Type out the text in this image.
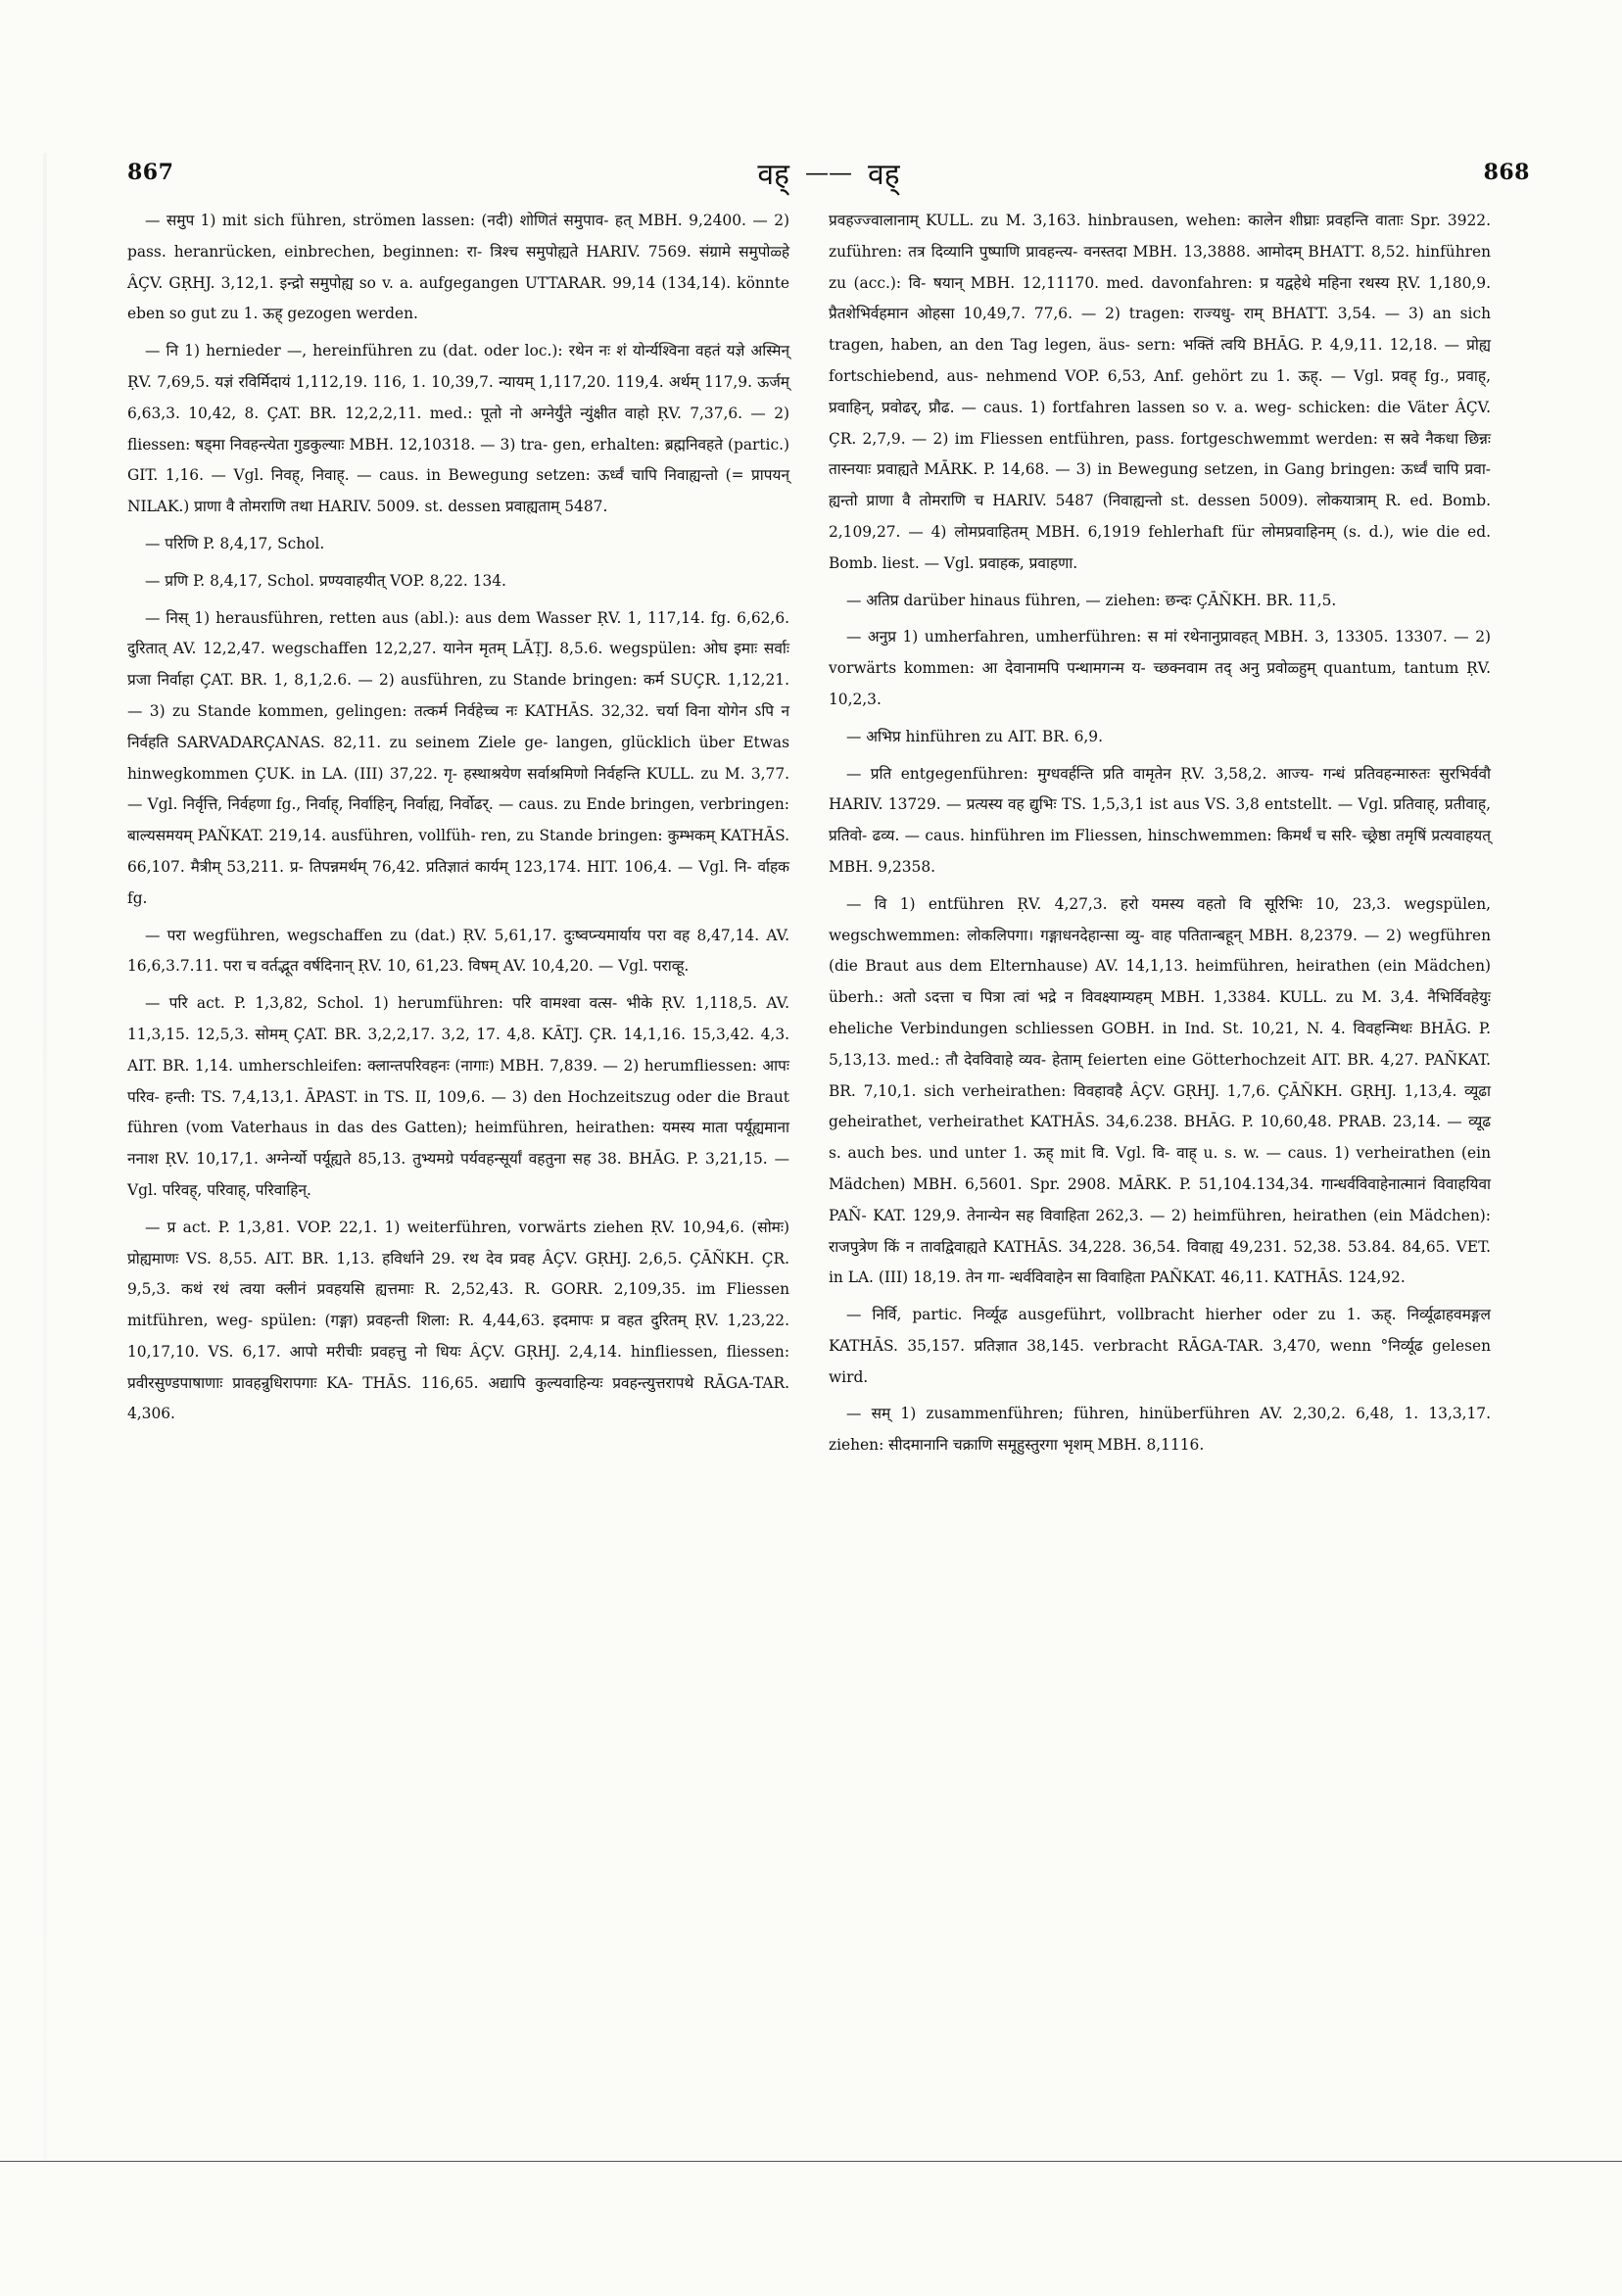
867	वह् —— वह्	868

— समुप 1) mit sich führen, strömen lassen: (नदी) शोणितं समुपाव- हत् MBH. 9,2400. — 2) pass. heranrücken, einbrechen, beginnen: रा- त्रिश्च समुपोह्यते HARIV. 7569. संग्रामे समुपोळ्हे ÂÇV. GṚHJ. 3,12,1. इन्द्रो समुपोह्य so v. a. aufgegangen UTTARAR. 99,14 (134,14). könnte eben so gut zu 1. ऊह् gezogen werden.

— नि 1) hernieder —, hereinführen zu (dat. oder loc.): रथेन नः शं योर्न्यश्विना वहतं यज्ञे अस्मिन् ṚV. 7,69,5. यज्ञं रविर्मिदायं 1,112,19. 116, 1. 10,39,7. न्यायम् 1,117,20. 119,4. अर्थम् 117,9. ऊर्जम् 6,63,3. 10,42, 8. ÇAT. BR. 12,2,2,11. med.: पूतो नो अग्नेर्युंते न्युंक्षीत वाहो ṚV. 7,37,6. — 2) fliessen: षड्मा निवहन्त्येता गुडकुल्याः MBH. 12,10318. — 3) tra- gen, erhalten: ब्रह्मनिवहते (partic.) GIT. 1,16. — Vgl. निवह्, निवाह्. — caus. in Bewegung setzen: ऊर्ध्वं चापि निवाह्यन्तो (= प्रापयन् NILAK.) प्राणा वै तोमराणि तथा HARIV. 5009. st. dessen प्रवाह्यताम् 5487.

— परिणि P. 8,4,17, Schol.

— प्रणि P. 8,4,17, Schol. प्रण्यवाहयीत् VOP. 8,22. 134.

— निस् 1) herausführen, retten aus (abl.): aus dem Wasser ṚV. 1, 117,14. fg. 6,62,6. दुरितात् AV. 12,2,47. wegschaffen 12,2,27. यानेन मृतम् LĀṬJ. 8,5.6. wegspülen: ओघ इमाः सर्वाः प्रजा निर्वाहा ÇAT. BR. 1, 8,1,2.6. — 2) ausführen, zu Stande bringen: कर्म SUÇR. 1,12,21. — 3) zu Stande kommen, gelingen: तत्कर्म निर्वहेच्च नः KATHĀS. 32,32. चर्या विना योगेन ऽपि न निर्वहति SARVADARÇANAS. 82,11. zu seinem Ziele ge- langen, glücklich über Etwas hinwegkommen ÇUK. in LA. (III) 37,22. गृ- हस्थाश्रयेण सर्वाश्रमिणो निर्वहन्ति KULL. zu M. 3,77. — Vgl. निर्वृत्ति, निर्वहणा fg., निर्वाह्, निर्वाहिन्, निर्वाह्य, निर्वोढर्. — caus. zu Ende bringen, verbringen: बाल्यसमयम् PAÑKAT. 219,14. ausführen, vollfüh- ren, zu Stande bringen: कुम्भकम् KATHĀS. 66,107. मैत्रीम् 53,211. प्र- तिपन्नमर्थम् 76,42. प्रतिज्ञातं कार्यम् 123,174. HIT. 106,4. — Vgl. नि- र्वाहक fg.

— परा wegführen, wegschaffen zu (dat.) ṚV. 5,61,17. दुःष्वप्न्यमार्याय परा वह 8,47,14. AV. 16,6,3.7.11. परा च वर्तद्भूत वर्षदिनान् ṚV. 10, 61,23. विषम् AV. 10,4,20. — Vgl. पराव्हू.

— परि act. P. 1,3,82, Schol. 1) herumführen: परि वामश्वा वत्स- भीके ṚV. 1,118,5. AV. 11,3,15. 12,5,3. सोमम् ÇAT. BR. 3,2,2,17. 3,2, 17. 4,8. KĀTJ. ÇR. 14,1,16. 15,3,42. 4,3. AIT. BR. 1,14. umherschleifen: क्लान्तपरिवहनः (नागाः) MBH. 7,839. — 2) herumfliessen: आपः परिव- हन्ती: TS. 7,4,13,1. ĀPAST. in TS. II, 109,6. — 3) den Hochzeitszug oder die Braut führen (vom Vaterhaus in das des Gatten); heimführen, heirathen: यमस्य माता पर्यूह्यमाना ननाश ṚV. 10,17,1. अग्नेर्न्यो पर्यूह्यते 85,13. तुभ्यमग्रे पर्यवहन्सूर्यां वहतुना सह 38. BHĀG. P. 3,21,15. — Vgl. परिवह्, परिवाह्, परिवाहिन्.

— प्र act. P. 1,3,81. VOP. 22,1. 1) weiterführen, vorwärts ziehen ṚV. 10,94,6. (सोमः) प्रोह्यमाणः VS. 8,55. AIT. BR. 1,13. हविर्धाने 29. रथ देव प्रवह ÂÇV. GṚHJ. 2,6,5. ÇĀÑKH. ÇR. 9,5,3. कथं रथं त्वया क्लीनं प्रवहयसि ह्यत्तमाः R. 2,52,43. R. GORR. 2,109,35. im Fliessen mitführen, weg- spülen: (गङ्गा) प्रवहन्ती शिला: R. 4,44,63. इदमापः प्र वहत दुरितम् ṚV. 1,23,22. 10,17,10. VS. 6,17. आपो मरीचीः प्रवहत्तु नो धियः ÂÇV. GṚHJ. 2,4,14. hinfliessen, fliessen: प्रवीरसुण्डपाषाणाः प्रावहन्रुधिरापगाः KA- THĀS. 116,65. अद्यापि कुल्यवाहिन्यः प्रवहन्त्युत्तरापथे RĀGA-TAR. 4,306.

प्रवहज्ज्वालानाम् KULL. zu M. 3,163. hinbrausen, wehen: कालेन शीघ्राः प्रवहन्ति वाताः Spr. 3922. zuführen: तत्र दिव्यानि पुष्पाणि प्रावहन्त्य- वनस्तदा MBH. 13,3888. आमोदम् BHATT. 8,52. hinführen zu (acc.): वि- षयान् MBH. 12,11170. med. davonfahren: प्र यद्वहेथे महिना रथस्य ṚV. 1,180,9. प्रैतशेभिर्वहमान ओहसा 10,49,7. 77,6. — 2) tragen: राज्यधु- राम् BHATT. 3,54. — 3) an sich tragen, haben, an den Tag legen, äus- sern: भक्तिं त्वयि BHĀG. P. 4,9,11. 12,18. — प्रोह्य fortschiebend, aus- nehmend VOP. 6,53, Anf. gehört zu 1. ऊह्. — Vgl. प्रवह् fg., प्रवाह्, प्रवाहिन्, प्रवोढर्, प्रौढ. — caus. 1) fortfahren lassen so v. a. weg- schicken: die Väter ÂÇV. ÇR. 2,7,9. — 2) im Fliessen entführen, pass. fortgeschwemmt werden: स स्रवे नैकधा छिन्नः तास्नयाः प्रवाह्यते MĀRK. P. 14,68. — 3) in Bewegung setzen, in Gang bringen: ऊर्ध्वं चापि प्रवा- ह्यन्तो प्राणा वै तोमराणि च HARIV. 5487 (निवाह्यन्तो st. dessen 5009). लोकयात्राम् R. ed. Bomb. 2,109,27. — 4) लोमप्रवाहितम् MBH. 6,1919 fehlerhaft für लोमप्रवाहिनम् (s. d.), wie die ed. Bomb. liest. — Vgl. प्रवाहक, प्रवाहणा.

— अतिप्र darüber hinaus führen, — ziehen: छन्दः ÇĀÑKH. BR. 11,5.

— अनुप्र 1) umherfahren, umherführen: स मां रथेनानुप्रावहत् MBH. 3, 13305. 13307. — 2) vorwärts kommen: आ देवानामपि पन्थामगन्म य- च्छक्नवाम तद् अनु प्रवोळ्हुम् quantum, tantum ṚV. 10,2,3.

— अभिप्र hinführen zu AIT. BR. 6,9.

— प्रति entgegenführen: मुग्धवर्हन्ति प्रति वामृतेन ṚV. 3,58,2. आज्य- गन्धं प्रतिवहन्मारुतः सुरभिर्ववौ HARIV. 13729. — प्रत्यस्य वह द्युभिः TS. 1,5,3,1 ist aus VS. 3,8 entstellt. — Vgl. प्रतिवाह्, प्रतीवाह्, प्रतिवो- ढव्य. — caus. hinführen im Fliessen, hinschwemmen: किमर्थं च सरि- च्छ्रेष्ठा तमृषिं प्रत्यवाहयत् MBH. 9,2358.

— वि 1) entführen ṚV. 4,27,3. हरो यमस्य वहतो वि सूरिभिः 10, 23,3. wegspülen, wegschwemmen: लोकलिपगा। गङ्गाधनदेहान्सा व्यु- वाह पतितान्बहून् MBH. 8,2379. — 2) wegführen (die Braut aus dem Elternhause) AV. 14,1,13. heimführen, heirathen (ein Mädchen) überh.: अतो ऽदत्ता च पित्रा त्वां भद्रे न विवक्ष्याम्यहम् MBH. 1,3384. KULL. zu M. 3,4. नैभिर्विवहेयुः eheliche Verbindungen schliessen GOBH. in Ind. St. 10,21, N. 4. विवहन्मिथः BHĀG. P. 5,13,13. med.: तौ देवविवाहे व्यव- हेताम् feierten eine Götterhochzeit AIT. BR. 4,27. PAÑKAT. BR. 7,10,1. sich verheirathen: विवहावहै ÂÇV. GṚHJ. 1,7,6. ÇĀÑKH. GṚHJ. 1,13,4. व्यूढा geheirathet, verheirathet KATHĀS. 34,6.238. BHĀG. P. 10,60,48. PRAB. 23,14. — व्यूढ s. auch bes. und unter 1. ऊह् mit वि. Vgl. वि- वाह् u. s. w. — caus. 1) verheirathen (ein Mädchen) MBH. 6,5601. Spr. 2908. MĀRK. P. 51,104.134,34. गान्धर्वविवाहेनात्मानं विवाहयिवा PAÑ- KAT. 129,9. तेनान्येन सह विवाहिता 262,3. — 2) heimführen, heirathen (ein Mädchen): राजपुत्रेण किं न तावद्विवाह्यते KATHĀS. 34,228. 36,54. विवाह्य 49,231. 52,38. 53.84. 84,65. VET. in LA. (III) 18,19. तेन गा- न्धर्वविवाहेन सा विवाहिता PAÑKAT. 46,11. KATHĀS. 124,92.

— निर्वि, partic. निर्व्यूढ ausgeführt, vollbracht hierher oder zu 1. ऊह्. निर्व्यूढाहवमङ्गल KATHĀS. 35,157. प्रतिज्ञात 38,145. verbracht RĀGA-TAR. 3,470, wenn °निर्व्यूढ gelesen wird.

— सम् 1) zusammenführen; führen, hinüberführen AV. 2,30,2. 6,48, 1. 13,3,17. ziehen: सीदमानानि चक्राणि समूहुस्तुरगा भृशम् MBH. 8,1116.
